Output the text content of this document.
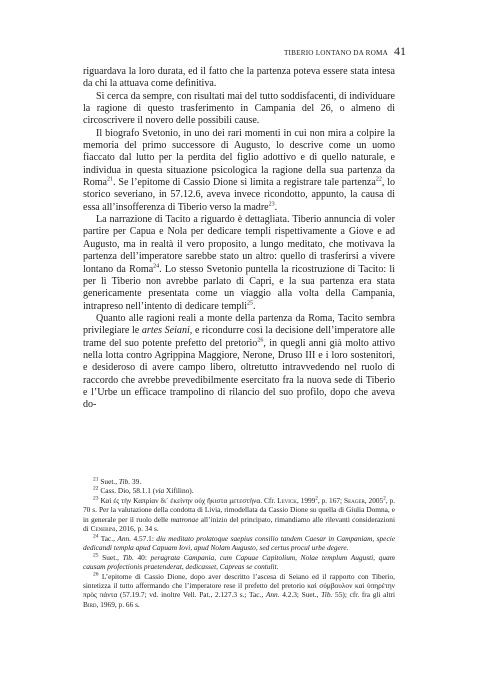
TIBERIO LONTANO DA ROMA 41

riguardava la loro durata, ed il fatto che la partenza poteva essere stata intesa da chi la attuava come definitiva.

Si cerca da sempre, con risultati mai del tutto soddisfacenti, di individuare la ragione di questo trasferimento in Campania del 26, o almeno di circoscrivere il novero delle possibili cause.

Il biografo Svetonio, in uno dei rari momenti in cui non mira a colpire la memoria del primo successore di Augusto, lo descrive come un uomo fiaccato dal lutto per la perdita del figlio adottivo e di quello naturale, e individua in questa situazione psicologica la ragione della sua partenza da Roma$^{21}$. Se l’epitome di Cassio Dione si limita a registrare tale partenza$^{22}$, lo storico severiano, in 57.12.6, aveva invece ricondotto, appunto, la causa di essa all’insofferenza di Tiberio verso la madre$^{23}$.

La narrazione di Tacito a riguardo è dettagliata. Tiberio annuncia di voler partire per Capua e Nola per dedicare templi rispettivamente a Giove e ad Augusto, ma in realtà il vero proposito, a lungo meditato, che motivava la partenza dell’imperatore sarebbe stato un altro: quello di trasferirsi a vivere lontano da Roma$^{24}$. Lo stesso Svetonio puntella la ricostruzione di Tacito: lì per lì Tiberio non avrebbe parlato di Capri, e la sua partenza era stata genericamente presentata come un viaggio alla volta della Campania, intrapreso nell’intento di dedicare templi$^{25}$.

Quanto alle ragioni reali a monte della partenza da Roma, Tacito sembra privilegiare le artes Seiani, e ricondurre così la decisione dell’imperatore alle trame del suo potente prefetto del pretorio$^{26}$, in quegli anni già molto attivo nella lotta contro Agrippina Maggiore, Nerone, Druso III e i loro sostenitori, e desideroso di avere campo libero, oltretutto intravvedendo nel ruolo di raccordo che avrebbe prevedibilmente esercitato fra la nuova sede di Tiberio e l’Urbe un efficace trampolino di rilancio del suo profilo, dopo che aveva do-

$^{21}$ Suet., Tib. 39.

$^{22}$ Cass. Dio, 58.1.1 (via Xifilino).

$^{23}$ Καὶ ἐς τὴν Καπρίαν δι᾽ ἐκείνην οὐχ ἥκιστα μετεστήνα. Cfr. Levick, 1999$^2$, p. 167; Seager, 2005$^2$, p. 70 s. Per la valutazione della condotta di Livia, rimodellata da Cassio Dione su quella di Giulia Domna, e in generale per il ruolo delle matronae all’inizio del principato, rimandiamo alle rilevanti considerazioni di Cenerini, 2016, p. 34 s.

$^{24}$ Tac., Ann. 4.57.1: diu meditato prolatoque saepius consilio tandem Caesar in Campaniam, specie dedicandi templa apud Capuam Iovi, apud Nolam Augusto, sed certus procul urbe degere.

$^{25}$ Suet., Tib. 40: peragrata Campania, cum Capuae Capitolium, Nolae templum Augusti, quam causam profectionis praetenderat, dedicasset, Capreas se contulit.

$^{26}$ L’epitome di Cassio Dione, dopo aver descritto l’ascesa di Seiano ed il rapporto con Tiberio, sintetizza il tutto affermando che l’imperatore rese il prefetto del pretorio καὶ σύμβουλον καὶ ὑπηρέτην πρὸς πάντα (57.19.7; vd. inoltre Vell. Pat., 2.127.3 s.; Tac., Ann. 4.2.3; Suet., Tib. 55); cfr. fra gli altri Bird, 1969, p. 66 s.
